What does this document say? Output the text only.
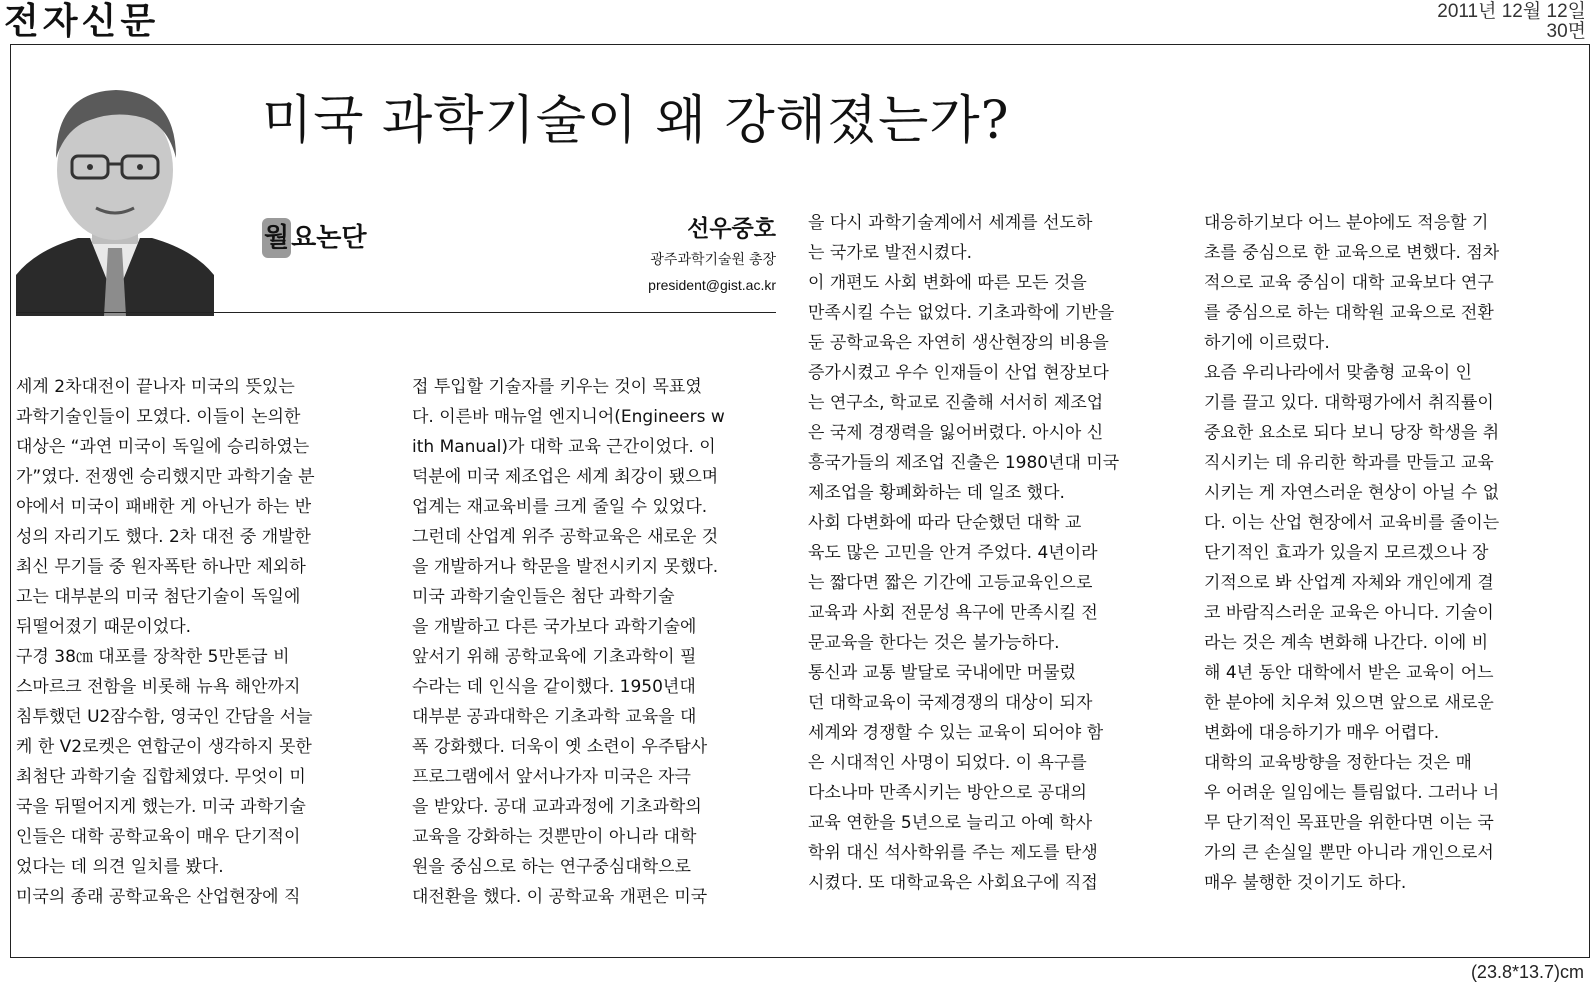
전자신문	2011년 12월 12일
30면
미국 과학기술이 왜 강해졌는가?
월요논단	선우중호
광주과학기술원 총장
president@gist.ac.kr
세계 2차대전이 끝나자 미국의 뜻있는
과학기술인들이 모였다. 이들이 논의한
대상은 “과연 미국이 독일에 승리하였는
가”였다. 전쟁엔 승리했지만 과학기술 분
야에서 미국이 패배한 게 아닌가 하는 반
성의 자리기도 했다. 2차 대전 중 개발한
최신 무기들 중 원자폭탄 하나만 제외하
고는 대부분의 미국 첨단기술이 독일에
뒤떨어졌기 때문이었다.
구경 38㎝ 대포를 장착한 5만톤급 비
스마르크 전함을 비롯해 뉴욕 해안까지
침투했던 U2잠수함, 영국인 간담을 서늘
케 한 V2로켓은 연합군이 생각하지 못한
최첨단 과학기술 집합체였다. 무엇이 미
국을 뒤떨어지게 했는가. 미국 과학기술
인들은 대학 공학교육이 매우 단기적이
었다는 데 의견 일치를 봤다.
미국의 종래 공학교육은 산업현장에 직
접 투입할 기술자를 키우는 것이 목표였
다. 이른바 매뉴얼 엔지니어(Engineers w
ith Manual)가 대학 교육 근간이었다. 이
덕분에 미국 제조업은 세계 최강이 됐으며
업계는 재교육비를 크게 줄일 수 있었다.
그런데 산업계 위주 공학교육은 새로운 것
을 개발하거나 학문을 발전시키지 못했다.
미국 과학기술인들은 첨단 과학기술
을 개발하고 다른 국가보다 과학기술에
앞서기 위해 공학교육에 기초과학이 필
수라는 데 인식을 같이했다. 1950년대
대부분 공과대학은 기초과학 교육을 대
폭 강화했다. 더욱이 옛 소련이 우주탐사
프로그램에서 앞서나가자 미국은 자극
을 받았다. 공대 교과과정에 기초과학의
교육을 강화하는 것뿐만이 아니라 대학
원을 중심으로 하는 연구중심대학으로
대전환을 했다. 이 공학교육 개편은 미국
을 다시 과학기술계에서 세계를 선도하
는 국가로 발전시켰다.
이 개편도 사회 변화에 따른 모든 것을
만족시킬 수는 없었다. 기초과학에 기반을
둔 공학교육은 자연히 생산현장의 비용을
증가시켰고 우수 인재들이 산업 현장보다
는 연구소, 학교로 진출해 서서히 제조업
은 국제 경쟁력을 잃어버렸다. 아시아 신
흥국가들의 제조업 진출은 1980년대 미국
제조업을 황폐화하는 데 일조 했다.
사회 다변화에 따라 단순했던 대학 교
육도 많은 고민을 안겨 주었다. 4년이라
는 짧다면 짧은 기간에 고등교육인으로
교육과 사회 전문성 욕구에 만족시킬 전
문교육을 한다는 것은 불가능하다.
통신과 교통 발달로 국내에만 머물렀
던 대학교육이 국제경쟁의 대상이 되자
세계와 경쟁할 수 있는 교육이 되어야 함
은 시대적인 사명이 되었다. 이 욕구를
다소나마 만족시키는 방안으로 공대의
교육 연한을 5년으로 늘리고 아예 학사
학위 대신 석사학위를 주는 제도를 탄생
시켰다. 또 대학교육은 사회요구에 직접
대응하기보다 어느 분야에도 적응할 기
초를 중심으로 한 교육으로 변했다. 점차
적으로 교육 중심이 대학 교육보다 연구
를 중심으로 하는 대학원 교육으로 전환
하기에 이르렀다.
요즘 우리나라에서 맞춤형 교육이 인
기를 끌고 있다. 대학평가에서 취직률이
중요한 요소로 되다 보니 당장 학생을 취
직시키는 데 유리한 학과를 만들고 교육
시키는 게 자연스러운 현상이 아닐 수 없
다. 이는 산업 현장에서 교육비를 줄이는
단기적인 효과가 있을지 모르겠으나 장
기적으로 봐 산업계 자체와 개인에게 결
코 바람직스러운 교육은 아니다. 기술이
라는 것은 계속 변화해 나간다. 이에 비
해 4년 동안 대학에서 받은 교육이 어느
한 분야에 치우쳐 있으면 앞으로 새로운
변화에 대응하기가 매우 어렵다.
대학의 교육방향을 정한다는 것은 매
우 어려운 일임에는 틀림없다. 그러나 너
무 단기적인 목표만을 위한다면 이는 국
가의 큰 손실일 뿐만 아니라 개인으로서
매우 불행한 것이기도 하다.
(23.8*13.7)cm
